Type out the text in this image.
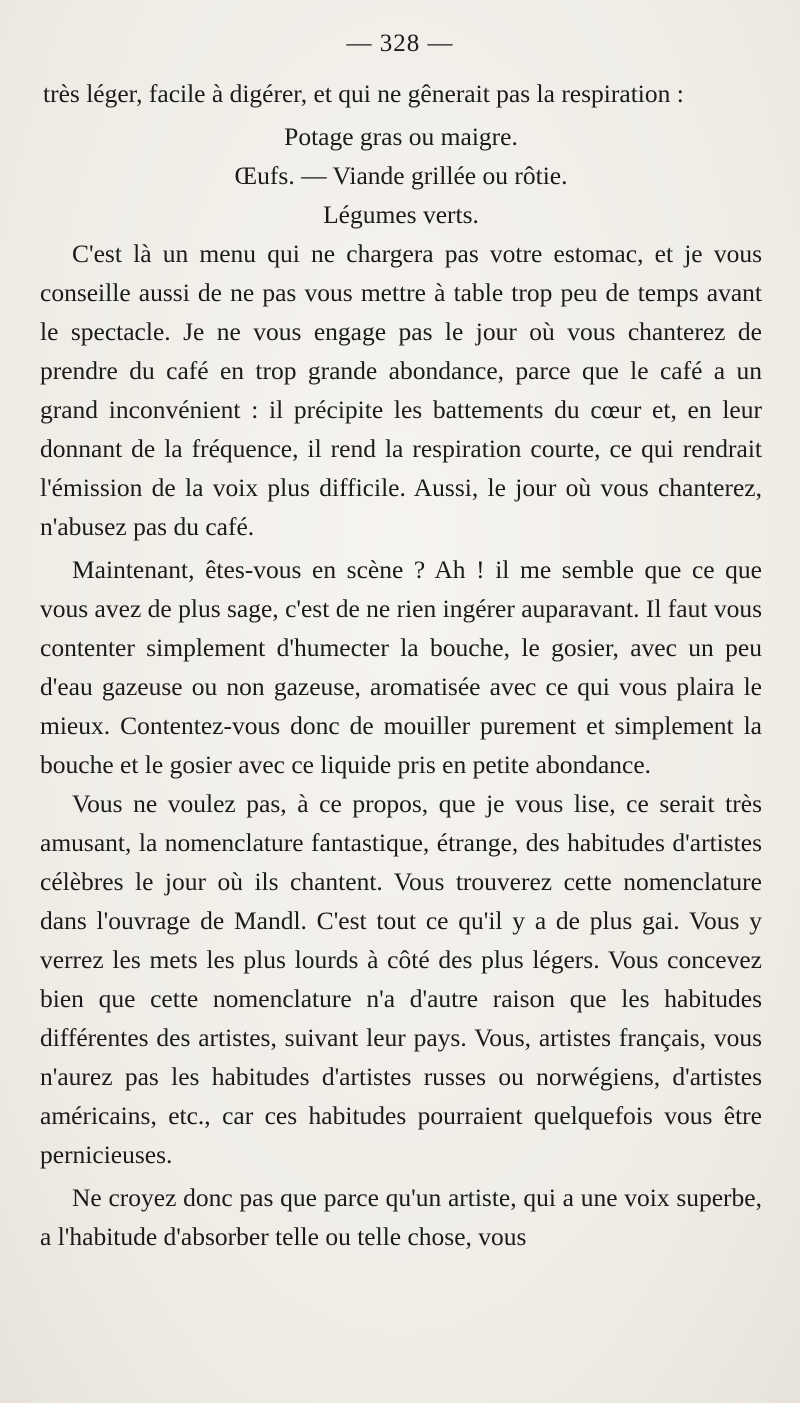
— 328 —

très léger, facile à digérer, et qui ne gênerait pas la respiration :

Potage gras ou maigre.

Œufs. — Viande grillée ou rôtie.

Légumes verts.

C'est là un menu qui ne chargera pas votre estomac, et je vous conseille aussi de ne pas vous mettre à table trop peu de temps avant le spectacle. Je ne vous engage pas le jour où vous chanterez de prendre du café en trop grande abondance, parce que le café a un grand inconvénient : il précipite les battements du cœur et, en leur donnant de la fréquence, il rend la respiration courte, ce qui rendrait l'émission de la voix plus difficile. Aussi, le jour où vous chanterez, n'abusez pas du café.

Maintenant, êtes-vous en scène ? Ah ! il me semble que ce que vous avez de plus sage, c'est de ne rien ingérer auparavant. Il faut vous contenter simplement d'humecter la bouche, le gosier, avec un peu d'eau gazeuse ou non gazeuse, aromatisée avec ce qui vous plaira le mieux. Contentez-vous donc de mouiller purement et simplement la bouche et le gosier avec ce liquide pris en petite abondance.

Vous ne voulez pas, à ce propos, que je vous lise, ce serait très amusant, la nomenclature fantastique, étrange, des habitudes d'artistes célèbres le jour où ils chantent. Vous trouverez cette nomenclature dans l'ouvrage de Mandl. C'est tout ce qu'il y a de plus gai. Vous y verrez les mets les plus lourds à côté des plus légers. Vous concevez bien que cette nomenclature n'a d'autre raison que les habitudes différentes des artistes, suivant leur pays. Vous, artistes français, vous n'aurez pas les habitudes d'artistes russes ou norwégiens, d'artistes américains, etc., car ces habitudes pourraient quelquefois vous être pernicieuses.

Ne croyez donc pas que parce qu'un artiste, qui a une voix superbe, a l'habitude d'absorber telle ou telle chose, vous
